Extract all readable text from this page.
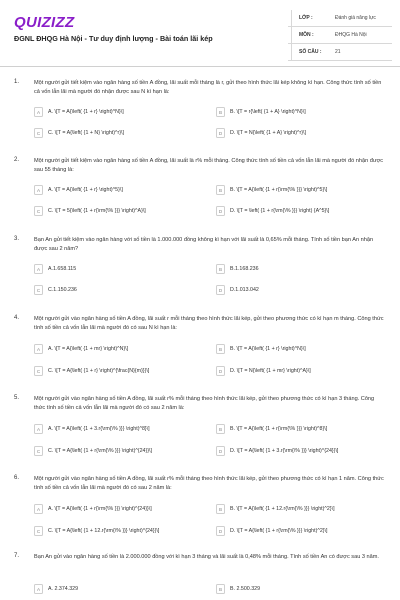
QUIZIZZ
ĐGNL ĐHQG Hà Nội - Tư duy định lượng - Bài toán lãi kép
LỚP :	Đánh giá năng lực
MÔN :	ĐHQG Hà Nội
SỐ CÂU :	21
1.	Một người gửi tiết kiệm vào ngân hàng số tiền A đồng, lãi suất mỗi tháng là r, gửi theo hình thức lãi kép không kì hạn. Công thức tính số tiền cả vốn lẫn lãi mà người đó nhận được sau N kì hạn là:
A	A. \[T = A{\left( {1 + r} \right)^N}\]	B	B. \[T = r{\left( {1 + A} \right)^N}\]
C	C. \[T = A{\left( {1 + N} \right)^r}\]	D	D. \[T = N{\left( {1 + A} \right)^r}\]
2.	Một người gửi tiết kiệm vào ngân hàng số tiền A đồng, lãi suất là r% mỗi tháng. Công thức tính số tiền cả vốn lẫn lãi mà người đó nhận được sau 55 tháng là:
A	A. \[T = A{\left( {1 + r} \right)^5}\]	B	B. \[T = A{\left( {1 + r{\rm{\% }}} \right)^5}\]
C	C. \[T = 5{\left( {1 + r{\rm{\% }}} \right)^A}\]	D	D. \[T = \left( {1 + r{\rm{\% }}} \right) {A^5}\]
3.	Bạn An gửi tiết kiệm vào ngân hàng với số tiền là 1.000.000 đồng không kì hạn với lãi suất là 0,65% mỗi tháng. Tính số tiền bạn An nhận được sau 2 năm?
A	A.1.658.115	B	B.1.168.236
C	C.1.150.236	D	D.1.013.042
4.	Một người gửi vào ngân hàng số tiền A đồng, lãi suất r mỗi tháng theo hình thức lãi kép, gửi theo phương thức có kì hạn m tháng. Công thức tính số tiền cả vốn lẫn lãi mà người đó có sau N kì hạn là:
A	A. \[T = A{\left( {1 + mr} \right)^N}\]	B	B. \[T = A{\left( {1 + r} \right)^N}\]
C	C. \[T = A{\left( {1 + r} \right)^{\frac{N}{m}}}\]	D	D. \[T = N{\left( {1 + mr} \right)^A}\]
5.	Một người gửi vào ngân hàng số tiền A đồng, lãi suất r% mỗi tháng theo hình thức lãi kép, gửi theo phương thức có kì hạn 3 tháng. Công thức tính số tiền cả vốn lẫn lãi mà người đó có sau 2 năm là:
A	A. \[T = A{\left( {1 + 3.r{\rm{\% }}} \right)^8}\]	B	B. \[T = A{\left( {1 + r{\rm{\% }}} \right)^8}\]
C	C. \[T = A{\left( {1 + r{\rm{\% }}} \right)^{24}}\]	D	D. \[T = A{\left( {1 + 3.r{\rm{\% }}} \right)^{24}}\]
6.	Một người gửi vào ngân hàng số tiền A đồng, lãi suất r% mỗi tháng theo hình thức lãi kép, gửi theo phương thức có kì hạn 1 năm. Công thức tính số tiền cả vốn lẫn lãi mà người đó có sau 2 năm là:
A	A. \[T = A{\left( {1 + r{\rm{\% }}} \right)^{24}}\]	B	B. \[T = A{\left( {1 + 12.r{\rm{\% }}} \right)^2}\]
C	C. \[T = A{\left( {1 + 12.r{\rm{\% }}} \right)^{24}}\]	D	D. \[T = A{\left( {1 + r{\rm{\% }}} \right)^2}\]
7.	Bạn An gửi vào ngân hàng số tiền là 2.000.000 đồng với kì hạn 3 tháng và lãi suất là 0,48% mỗi tháng. Tính số tiền An có được sau 3 năm.
A	A. 2.374.329	B	B. 2.500.329
